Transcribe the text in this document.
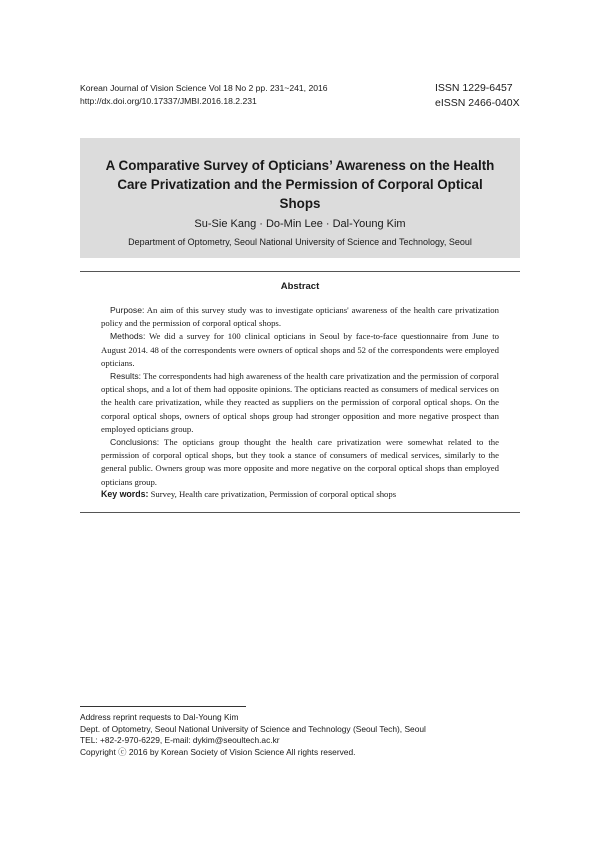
Korean Journal of Vision Science Vol 18 No 2 pp. 231~241, 2016
http://dx.doi.org/10.17337/JMBI.2016.18.2.231
ISSN 1229-6457
eISSN 2466-040X
A Comparative Survey of Opticians’ Awareness on the Health Care Privatization and the Permission of Corporal Optical Shops
Su-Sie Kang · Do-Min Lee · Dal-Young Kim
Department of Optometry, Seoul National University of Science and Technology, Seoul
Abstract

Purpose: An aim of this survey study was to investigate opticians' awareness of the health care privatization policy and the permission of corporal optical shops.

Methods: We did a survey for 100 clinical opticians in Seoul by face-to-face questionnaire from June to August 2014. 48 of the correspondents were owners of optical shops and 52 of the correspondents were employed opticians.

Results: The correspondents had high awareness of the health care privatization and the permission of corporal optical shops, and a lot of them had opposite opinions. The opticians reacted as consumers of medical services on the health care privatization, while they reacted as suppliers on the permission of corporal optical shops. On the corporal optical shops, owners of optical shops group had stronger opposition and more negative prospect than employed opticians group.

Conclusions: The opticians group thought the health care privatization were somewhat related to the permission of corporal optical shops, but they took a stance of consumers of medical services, similarly to the general public. Owners group was more opposite and more negative on the corporal optical shops than employed opticians group.

Key words: Survey, Health care privatization, Permission of corporal optical shops
Address reprint requests to Dal-Young Kim
Dept. of Optometry, Seoul National University of Science and Technology (Seoul Tech), Seoul
TEL: +82-2-970-6229, E-mail: dykim@seoultech.ac.kr
Copyright ⓒ 2016 by Korean Society of Vision Science All rights reserved.
